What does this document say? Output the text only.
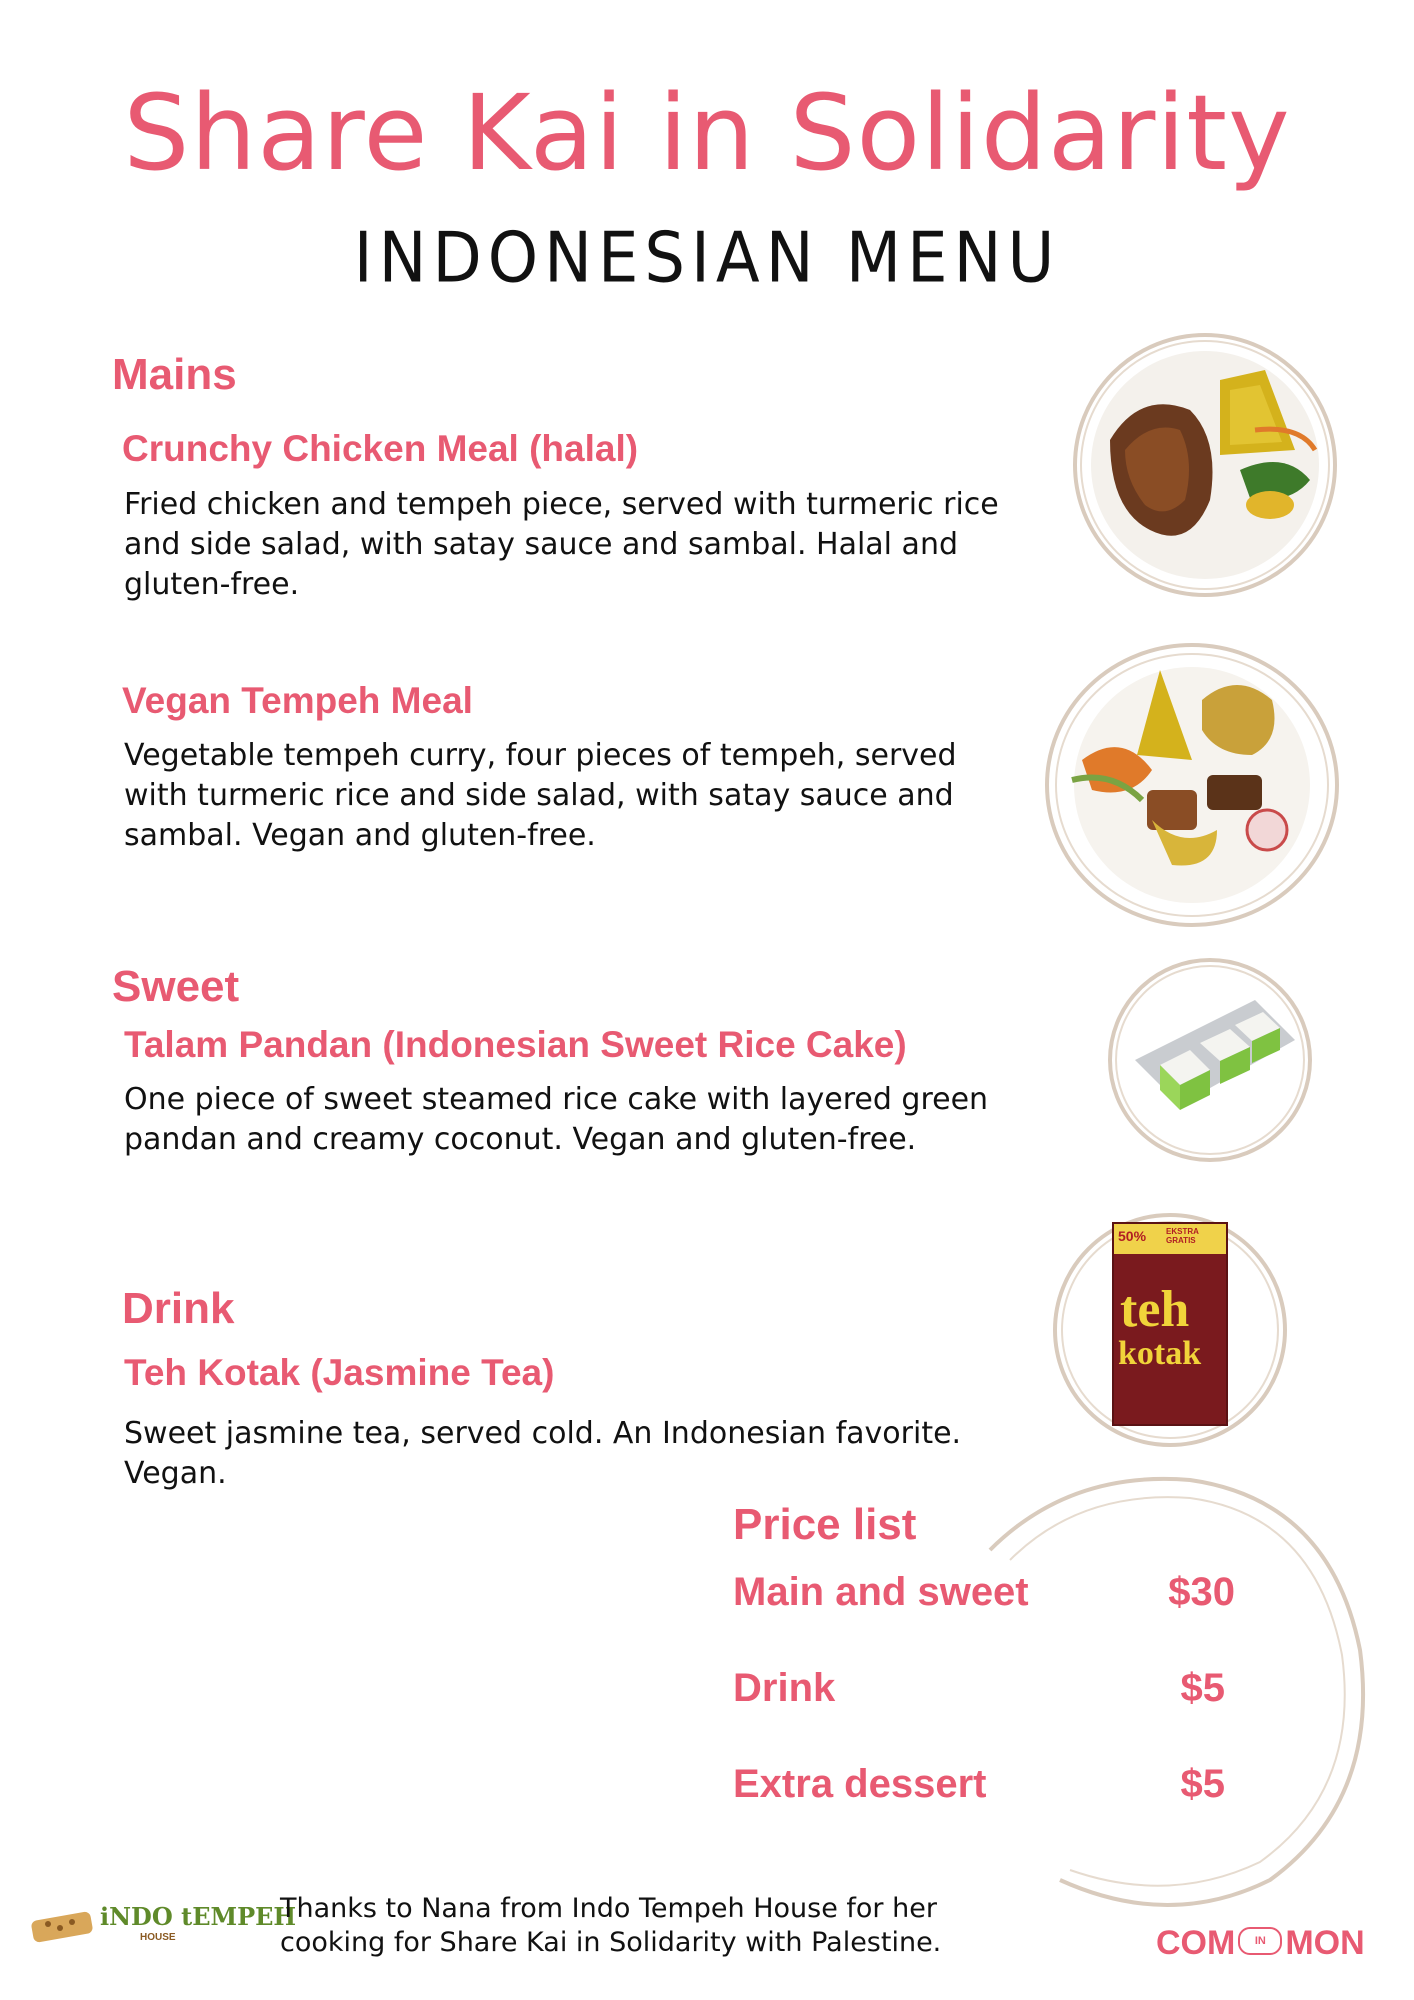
Share Kai in Solidarity
INDONESIAN MENU
Mains
Crunchy Chicken Meal (halal)
Fried chicken and tempeh piece, served with turmeric rice
and side salad, with satay sauce and sambal. Halal and
gluten-free.
Vegan Tempeh Meal
Vegetable tempeh curry, four pieces of tempeh, served
with turmeric rice and side salad, with satay sauce and
sambal. Vegan and gluten-free.
Sweet
Talam Pandan (Indonesian Sweet Rice Cake)
One piece of sweet steamed rice cake with layered green
pandan and creamy coconut. Vegan and gluten-free.
Drink
Teh Kotak (Jasmine Tea)
Sweet jasmine tea, served cold. An Indonesian favorite.
Vegan.
50% EKSTRA GRATIS
teh
kotak
Price list
Main and sweet	$30
Drink	$5
Extra dessert	$5
iNDO tEMPEH
HOUSE
Thanks to Nana from Indo Tempeh House for her
cooking for Share Kai in Solidarity with Palestine.	COM IN MON
